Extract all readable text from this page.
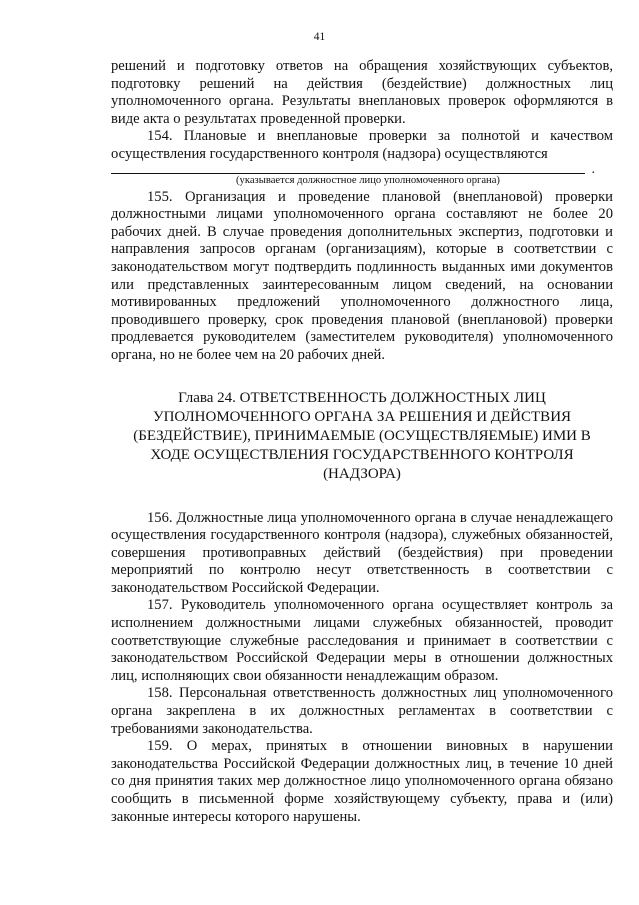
41

решений и подготовку ответов на обращения хозяйствующих субъектов, подготовку решений на действия (бездействие) должностных лиц уполномоченного органа. Результаты внеплановых проверок оформляются в виде акта о результатах проведенной проверки.

154. Плановые и внеплановые проверки за полнотой и качеством осуществления государственного контроля (надзора) осуществляются

.
(указывается должностное лицо уполномоченного органа)

155. Организация и проведение плановой (внеплановой) проверки должностными лицами уполномоченного органа составляют не более 20 рабочих дней. В случае проведения дополнительных экспертиз, подготовки и направления запросов органам (организациям), которые в соответствии с законодательством могут подтвердить подлинность выданных ими документов или представленных заинтересованным лицом сведений, на основании мотивированных предложений уполномоченного должностного лица, проводившего проверку, срок проведения плановой (внеплановой) проверки продлевается руководителем (заместителем руководителя) уполномоченного органа, но не более чем на 20 рабочих дней.

Глава 24. ОТВЕТСТВЕННОСТЬ ДОЛЖНОСТНЫХ ЛИЦ УПОЛНОМОЧЕННОГО ОРГАНА ЗА РЕШЕНИЯ И ДЕЙСТВИЯ (БЕЗДЕЙСТВИЕ), ПРИНИМАЕМЫЕ (ОСУЩЕСТВЛЯЕМЫЕ) ИМИ В ХОДЕ ОСУЩЕСТВЛЕНИЯ ГОСУДАРСТВЕННОГО КОНТРОЛЯ (НАДЗОРА)

156. Должностные лица уполномоченного органа в случае ненадлежащего осуществления государственного контроля (надзора), служебных обязанностей, совершения противоправных действий (бездействия) при проведении мероприятий по контролю несут ответственность в соответствии с законодательством Российской Федерации.

157. Руководитель уполномоченного органа осуществляет контроль за исполнением должностными лицами служебных обязанностей, проводит соответствующие служебные расследования и принимает в соответствии с законодательством Российской Федерации меры в отношении должностных лиц, исполняющих свои обязанности ненадлежащим образом.

158. Персональная ответственность должностных лиц уполномоченного органа закреплена в их должностных регламентах в соответствии с требованиями законодательства.

159. О мерах, принятых в отношении виновных в нарушении законодательства Российской Федерации должностных лиц, в течение 10 дней со дня принятия таких мер должностное лицо уполномоченного органа обязано сообщить в письменной форме хозяйствующему субъекту, права и (или) законные интересы которого нарушены.
